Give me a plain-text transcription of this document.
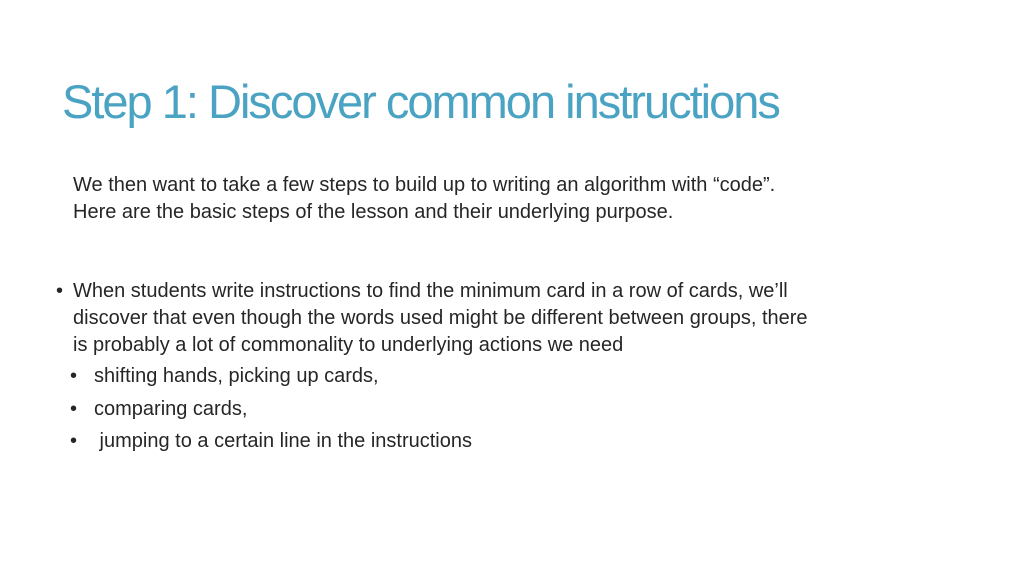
Step 1: Discover common instructions

We then want to take a few steps to build up to writing an algorithm with “code”.
Here are the basic steps of the lesson and their underlying purpose.

• When students write instructions to find the minimum card in a row of cards, we’ll
discover that even though the words used might be different between groups, there
is probably a lot of commonality to underlying actions we need
• shifting hands, picking up cards,
• comparing cards,
• jumping to a certain line in the instructions
